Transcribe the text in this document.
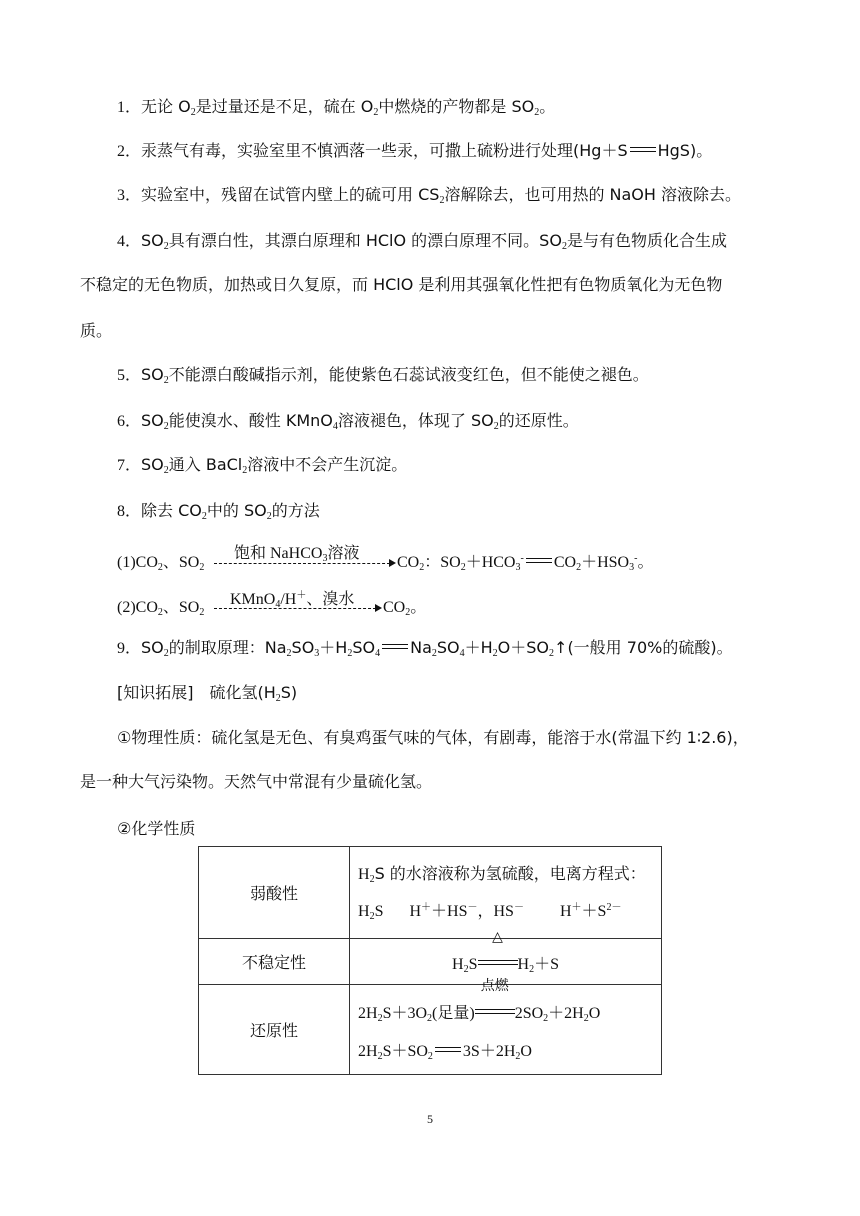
1．无论 $O_2$是过量还是不足，硫在 $O_2$中燃烧的产物都是 $SO_2$。
2．汞蒸气有毒，实验室里不慎洒落一些汞，可撒上硫粉进行处理(Hg＋S HgS)。
3．实验室中，残留在试管内壁上的硫可用 $CS_2$溶解除去，也可用热的 NaOH 溶液除去。
4．$SO_2$具有漂白性，其漂白原理和 HClO 的漂白原理不同。$SO_2$是与有色物质化合生成
不稳定的无色物质，加热或日久复原，而 HClO 是利用其强氧化性把有色物质氧化为无色物
质。
5．$SO_2$不能漂白酸碱指示剂，能使紫色石蕊试液变红色，但不能使之褪色。
6．$SO_2$能使溴水、酸性 KMnO$_4$溶液褪色，体现了 $SO_2$的还原性。
7．$SO_2$通入 BaCl$_2$溶液中不会产生沉淀。
8．除去 $CO_2$中的 $SO_2$的方法
饱和 NaHCO$_3$溶液
$(1)CO_2$、$SO_2$	$CO_2$：$SO_2+HCO_3^-$ $CO_2+HSO_3^-$。
KMnO$_4$/H＋、溴水
$(2)CO_2$、$SO_2$	$CO_2$。
9．$SO_2$的制取原理：$Na_2SO_3+H_2SO_4$ $Na_2SO_4+H_2O+SO_2↑$(一般用 70%的硫酸)。
[知识拓展]　硫化氢$(H_2S)$
①物理性质：硫化氢是无色、有臭鸡蛋气味的气体，有剧毒，能溶于水(常温下约 1∶2.6)，
是一种大气污染物。天然气中常混有少量硫化氢。
②化学性质
弱酸性	$H_2S$ 的水溶液称为氢硫酸，电离方程式：
$H_2S$ H＋＋HS－，HS－ $H^++S^{2-}$

不稳定性	$H_2S$
△
$H_2+S$

还原性	$2H_2S+3O_2$(足量)
点燃
$2SO_2+2H_2O$
$2H_2S+SO_2$ $3S+2H_2O$
5
